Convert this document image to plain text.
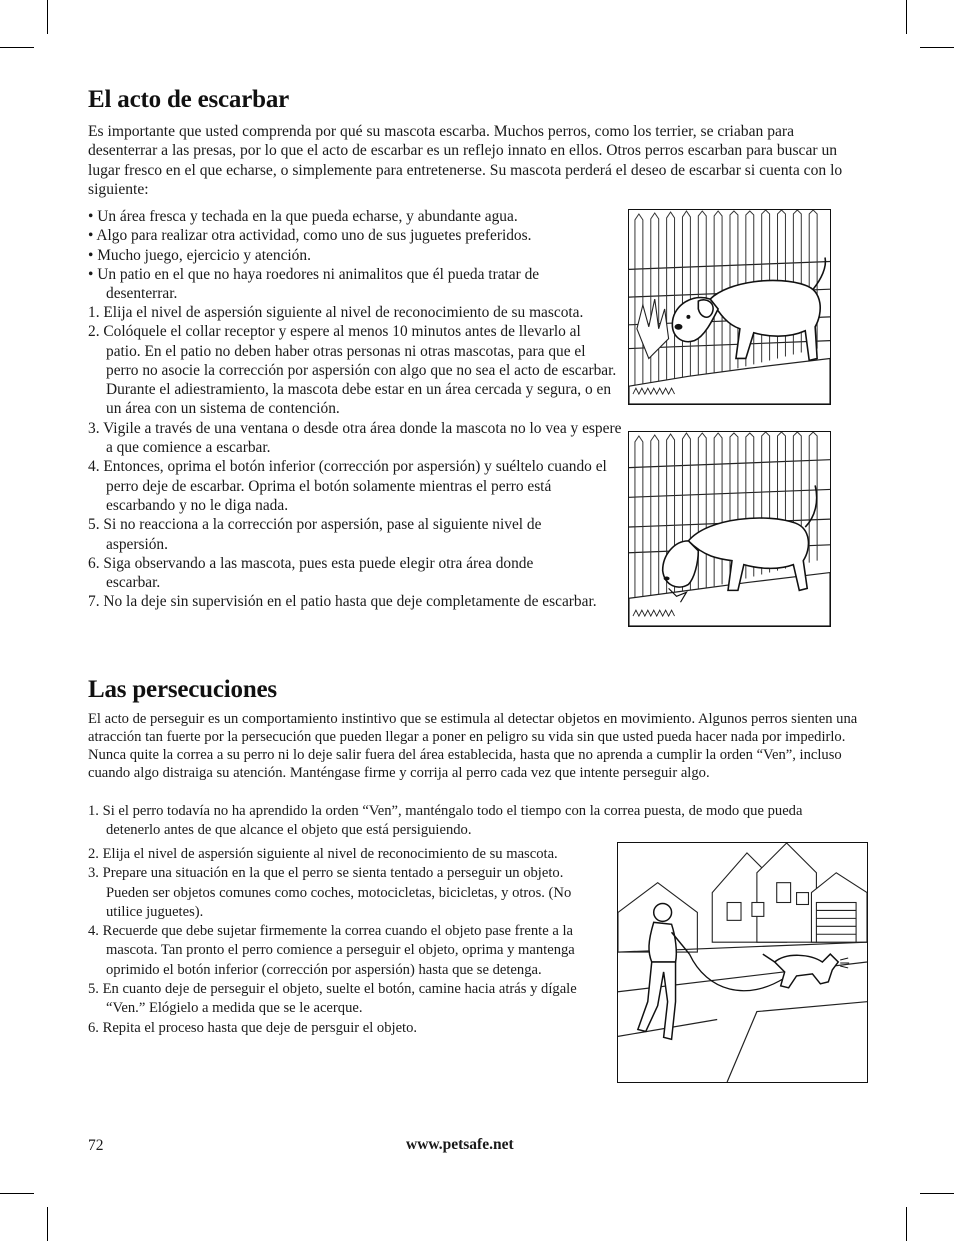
El acto de escarbar

Es importante que usted comprenda por qué su mascota escarba. Muchos perros, como los terrier, se criaban para desenterrar a las presas, por lo que el acto de escarbar es un reflejo innato en ellos. Otros perros escarban para buscar un lugar fresco en el que echarse, o simplemente para entretenerse. Su mascota perderá el deseo de escarbar si cuenta con lo siguiente:

• Un área fresca y techada en la que pueda echarse, y abundante agua.
• Algo para realizar otra actividad, como uno de sus juguetes preferidos.
• Mucho juego, ejercicio y atención.
• Un patio en el que no haya roedores ni animalitos que él pueda tratar de desenterrar.
1. Elija el nivel de aspersión siguiente al nivel de reconocimiento de su mascota.
2. Colóquele el collar receptor y espere al menos 10 minutos antes de llevarlo al patio. En el patio no deben haber otras personas ni otras mascotas, para que el perro no asocie la corrección por aspersión con algo que no sea el acto de escarbar. Durante el adiestramiento, la mascota debe estar en un área cercada y segura, o en un área con un sistema de contención.
3. Vigile a través de una ventana o desde otra área donde la mascota no lo vea y espere a que comience a escarbar.
4. Entonces, oprima el botón inferior (corrección por aspersión) y suéltelo cuando el perro deje de escarbar. Oprima el botón solamente mientras el perro está escarbando y no le diga nada.
5. Si no reacciona a la corrección por aspersión, pase al siguiente nivel de aspersión.
6. Siga observando a las mascota, pues esta puede elegir otra área donde escarbar.
7. No la deje sin supervisión en el patio hasta que deje completamente de escarbar.
Las persecuciones

El acto de perseguir es un comportamiento instintivo que se estimula al detectar objetos en movimiento. Algunos perros sienten una atracción tan fuerte por la persecución que pueden llegar a poner en peligro su vida sin que usted pueda hacer nada por impedirlo. Nunca quite la correa a su perro ni lo deje salir fuera del área establecida, hasta que no aprenda a cumplir la orden “Ven”, incluso cuando algo distraiga su atención. Manténgase firme y corrija al perro cada vez que intente perseguir algo.

1. Si el perro todavía no ha aprendido la orden “Ven”, manténgalo todo el tiempo con la correa puesta, de modo que pueda detenerlo antes de que alcance el objeto que está persiguiendo.
2. Elija el nivel de aspersión siguiente al nivel de reconocimiento de su mascota.
3. Prepare una situación en la que el perro se sienta tentado a perseguir un objeto. Pueden ser objetos comunes como coches, motocicletas, bicicletas, y otros. (No utilice juguetes).
4. Recuerde que debe sujetar firmemente la correa cuando el objeto pase frente a la mascota. Tan pronto el perro comience a perseguir el objeto, oprima y mantenga oprimido el botón inferior (corrección por aspersión) hasta que se detenga.
5. En cuanto deje de perseguir el objeto, suelte el botón, camine hacia atrás y dígale “Ven.” Elógielo a medida que se le acerque.
6. Repita el proceso hasta que deje de persguir el objeto.
72	www.petsafe.net
